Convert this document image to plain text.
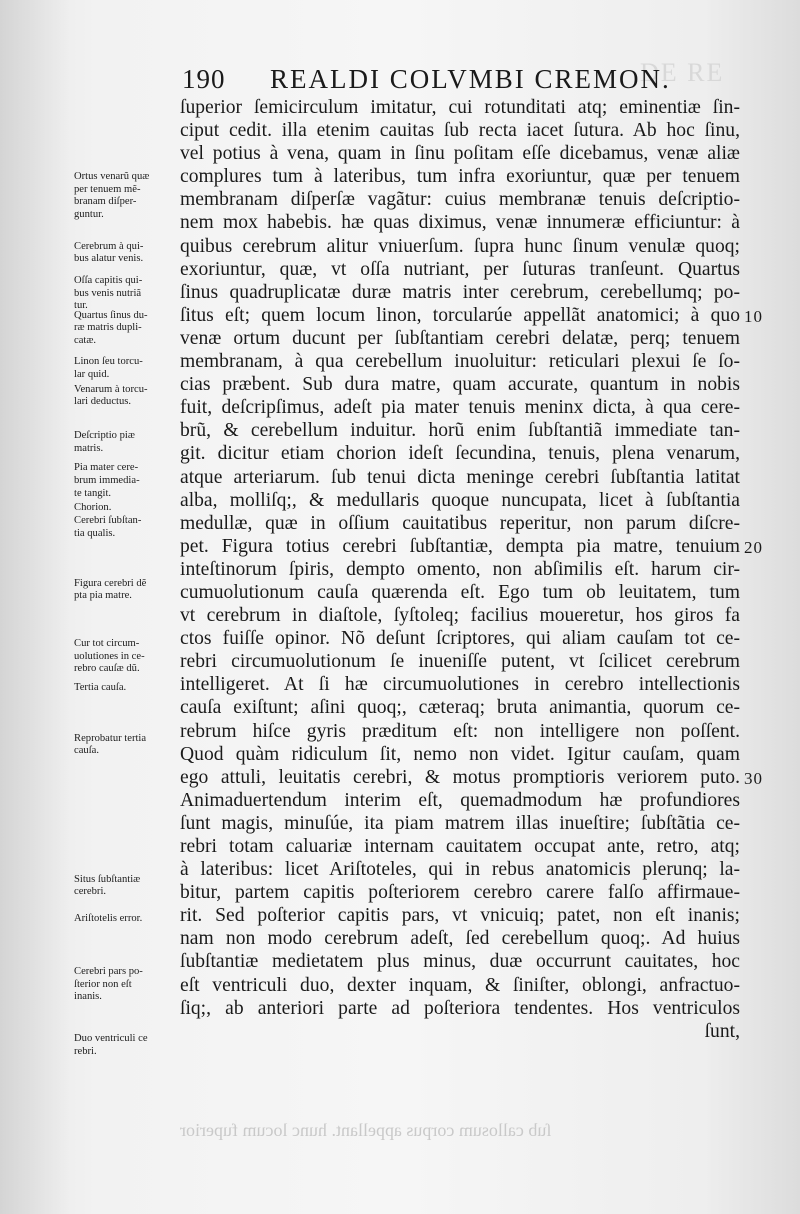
DE RE
ſub callosum corpus appellant. hunc locum fuperior
190 REALDI COLVMBI CREMON.
ſuperior ſemicirculum imitatur, cui rotunditati atq; eminentiæ ſin-
ciput cedit. illa etenim cauitas ſub recta iacet ſutura. Ab hoc ſinu,
vel potius à vena, quam in ſinu poſitam eſſe dicebamus, venæ aliæ
complures tum à lateribus, tum infra exoriuntur, quæ per tenuem
membranam diſperſæ vagãtur: cuius membranæ tenuis deſcriptio-
nem mox habebis. hæ quas diximus, venæ innumeræ efficiuntur: à
quibus cerebrum alitur vniuerſum. ſupra hunc ſinum venulæ quoq;
exoriuntur, quæ, vt oſſa nutriant, per ſuturas tranſeunt. Quartus
ſinus quadruplicatæ duræ matris inter cerebrum, cerebellumq; po-
ſitus eſt; quem locum linon, torcularúe appellãt anatomici; à quo
venæ ortum ducunt per ſubſtantiam cerebri delatæ, perq; tenuem
membranam, à qua cerebellum inuoluitur: reticulari plexui ſe ſo-
cias præbent. Sub dura matre, quam accurate, quantum in nobis
fuit, deſcripſimus, adeſt pia mater tenuis meninx dicta, à qua cere-
brũ, & cerebellum induitur. horũ enim ſubſtantiã immediate tan-
git. dicitur etiam chorion ideſt ſecundina, tenuis, plena venarum,
atque arteriarum. ſub tenui dicta meninge cerebri ſubſtantia latitat
alba, molliſq;, & medullaris quoque nuncupata, licet à ſubſtantia
medullæ, quæ in oſſium cauitatibus reperitur, non parum diſcre-
pet. Figura totius cerebri ſubſtantiæ, dempta pia matre, tenuium
inteſtinorum ſpiris, dempto omento, non abſimilis eſt. harum cir-
cumuolutionum cauſa quærenda eſt. Ego tum ob leuitatem, tum
vt cerebrum in diaſtole, ſyſtoleq; facilius moueretur, hos giros fa
ctos fuiſſe opinor. Nõ deſunt ſcriptores, qui aliam cauſam tot ce-
rebri circumuolutionum ſe inueniſſe putent, vt ſcilicet cerebrum
intelligeret. At ſi hæ circumuolutiones in cerebro intellectionis
cauſa exiſtunt; aſini quoq;, cæteraq; bruta animantia, quorum ce-
rebrum hiſce gyris præditum eſt: non intelligere non poſſent.
Quod quàm ridiculum ſit, nemo non videt. Igitur cauſam, quam
ego attuli, leuitatis cerebri, & motus promptioris veriorem puto.
Animaduertendum interim eſt, quemadmodum hæ profundiores
ſunt magis, minuſúe, ita piam matrem illas inueſtire; ſubſtãtia ce-
rebri totam caluariæ internam cauitatem occupat ante, retro, atq;
à lateribus: licet Ariſtoteles, qui in rebus anatomicis plerunq; la-
bitur, partem capitis poſteriorem cerebro carere falſo affirmaue-
rit. Sed poſterior capitis pars, vt vnicuiq; patet, non eſt inanis;
nam non modo cerebrum adeſt, ſed cerebellum quoq;. Ad huius
ſubſtantiæ medietatem plus minus, duæ occurrunt cauitates, hoc
eſt ventriculi duo, dexter inquam, & ſiniſter, oblongi, anfractuo-
ſiq;, ab anteriori parte ad poſteriora tendentes. Hos ventriculos
ſunt,
10
20
30
Ortus venarũ quæ
per tenuem mẽ-
branam diſper-
guntur.
Cerebrum à qui-
bus alatur venis.
Oſſa capitis qui-
bus venis nutriã
tur.
Quartus ſinus du-
ræ matris dupli-
catæ.
Linon ſeu torcu-
lar quid.
Venarum à torcu-
lari deductus.
Deſcriptio piæ
matris.
Pia mater cere-
brum immedia-
te tangit.
Chorion.
Cerebri ſubſtan-
tia qualis.
Figura cerebri dẽ
pta pia matre.
Cur tot circum-
uolutiones in ce-
rebro cauſæ dũ.
Tertia cauſa.
Reprobatur tertia
cauſa.
Situs ſubſtantiæ
cerebri.
Ariſtotelis error.
Cerebri pars po-
ſterior non eſt
inanis.
Duo ventriculi ce
rebri.
